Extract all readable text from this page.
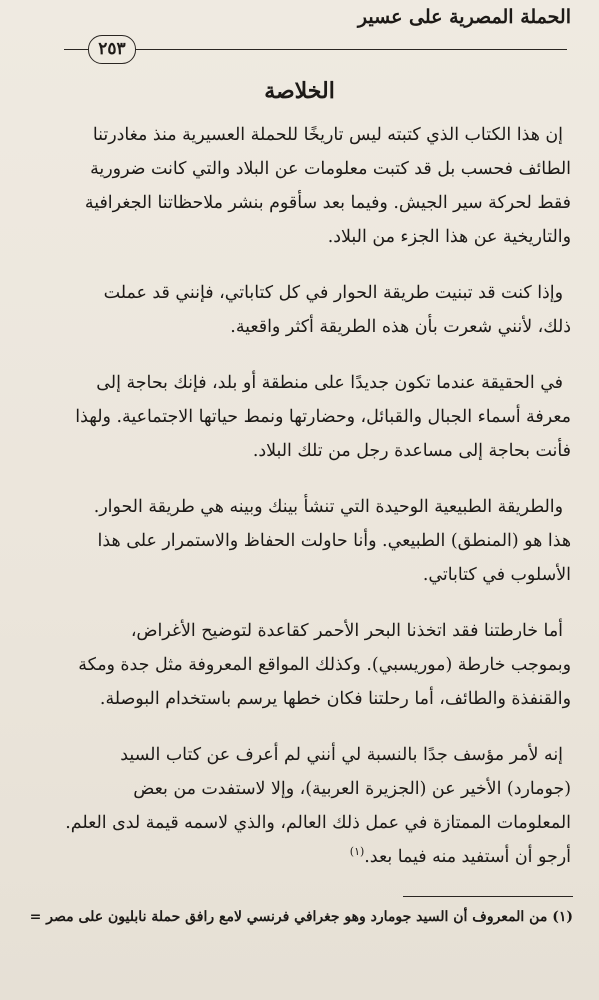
الحملة المصرية على عسير
٢٥٣
الخلاصة
إن هذا الكتاب الذي كتبته ليس تاريخًا للحملة العسيرية منذ مغادرتنا
الطائف فحسب بل قد كتبت معلومات عن البلاد والتي كانت ضرورية
فقط لحركة سير الجيش. وفيما بعد سأقوم بنشر ملاحظاتنا الجغرافية
والتاريخية عن هذا الجزء من البلاد.
وإذا كنت قد تبنيت طريقة الحوار في كل كتاباتي، فإنني قد عملت
ذلك، لأنني شعرت بأن هذه الطريقة أكثر واقعية.
في الحقيقة عندما تكون جديدًا على منطقة أو بلد، فإنك بحاجة إلى
معرفة أسماء الجبال والقبائل، وحضارتها ونمط حياتها الاجتماعية. ولهذا
فأنت بحاجة إلى مساعدة رجل من تلك البلاد.
والطريقة الطبيعية الوحيدة التي تنشأ بينك وبينه هي طريقة الحوار.
هذا هو (المنطق) الطبيعي. وأنا حاولت الحفاظ والاستمرار على هذا
الأسلوب في كتاباتي.
أما خارطتنا فقد اتخذنا البحر الأحمر كقاعدة لتوضيح الأغراض،
وبموجب خارطة (موريسبي). وكذلك المواقع المعروفة مثل جدة ومكة
والقنفذة والطائف، أما رحلتنا فكان خطها يرسم باستخدام البوصلة.
إنه لأمر مؤسف جدًا بالنسبة لي أنني لم أعرف عن كتاب السيد
(جومارد) الأخير عن (الجزيرة العربية)، وإلا لاستفدت من بعض
المعلومات الممتازة في عمل ذلك العالم، والذي لاسمه قيمة لدى العلم.
أرجو أن أستفيد منه فيما بعد.$^{(١)}$
(١) من المعروف أن السيد جومارد وهو جغرافي فرنسي لامع رافق حملة نابليون على مصر =
